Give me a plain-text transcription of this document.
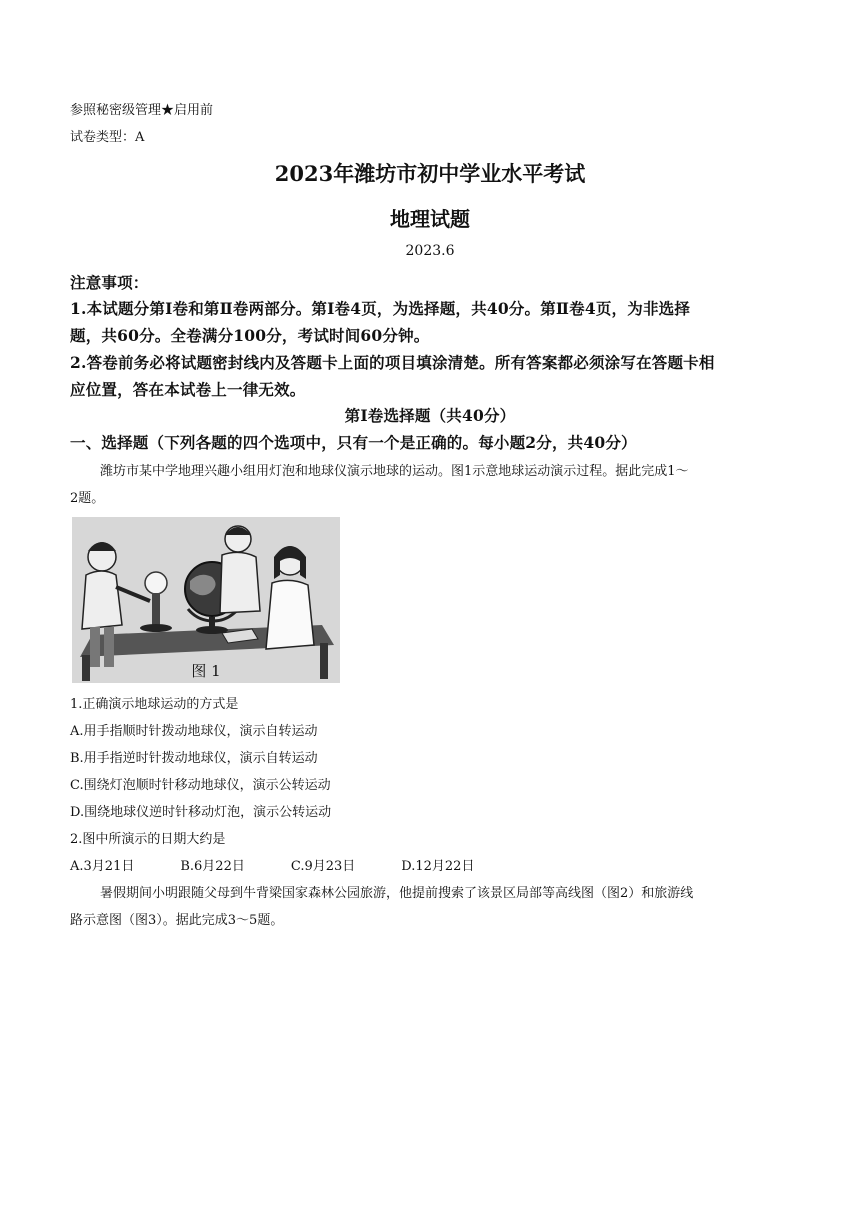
参照秘密级管理★启用前
试卷类型：A
2023年潍坊市初中学业水平考试
地理试题
2023.6
注意事项：
1.本试题分第Ⅰ卷和第Ⅱ卷两部分。第Ⅰ卷4页，为选择题，共40分。第Ⅱ卷4页，为非选择
题，共60分。全卷满分100分，考试时间60分钟。
2.答卷前务必将试题密封线内及答题卡上面的项目填涂清楚。所有答案都必须涂写在答题卡相
应位置，答在本试卷上一律无效。
第Ⅰ卷选择题（共40分）
一、选择题（下列各题的四个选项中，只有一个是正确的。每小题2分，共40分）
潍坊市某中学地理兴趣小组用灯泡和地球仪演示地球的运动。图1示意地球运动演示过程。据此完成1～
2题。
图 1
1.正确演示地球运动的方式是
A.用手指顺时针拨动地球仪，演示自转运动
B.用手指逆时针拨动地球仪，演示自转运动
C.围绕灯泡顺时针移动地球仪，演示公转运动
D.围绕地球仪逆时针移动灯泡，演示公转运动
2.图中所演示的日期大约是
A.3月21日	B.6月22日	C.9月23日	D.12月22日
暑假期间小明跟随父母到牛背梁国家森林公园旅游，他提前搜索了该景区局部等高线图（图2）和旅游线
路示意图（图3）。据此完成3～5题。
